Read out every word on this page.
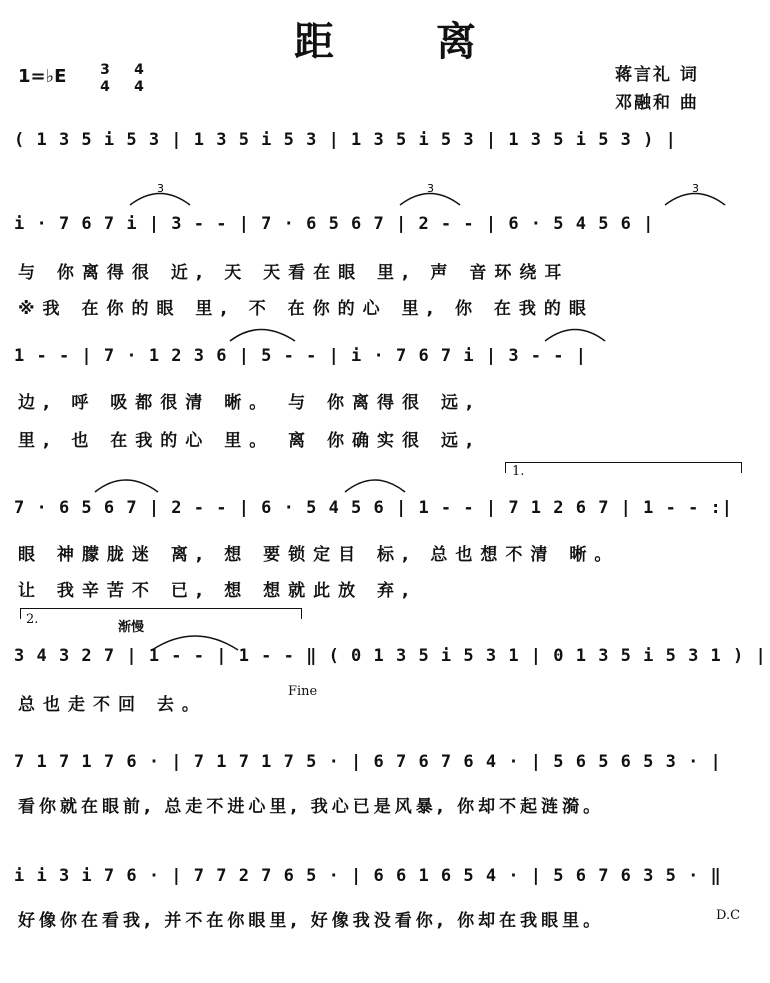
距 离
1=♭E 3
4
4
4
蒋言礼 词
邓融和 曲
( 1 3 5 i 5 3 | 1 3 5 i 5 3 | 1 3 5 i 5 3 | 1 3 5 i 5 3 ) |
3	3	3
i · 7 6 7 i | 3 - - | 7 · 6 5 6 7 | 2 - - | 6 · 5 4 5 6 |
与 你离得很 近, 天 天看在眼 里, 声 音环绕耳
※我 在你的眼 里, 不 在你的心 里, 你 在我的眼
1 - - | 7 · 1 2 3 6 | 5 - - | i · 7 6 7 i | 3 - - |
边, 呼 吸都很清 晰。 与 你离得很 远,
里, 也 在我的心 里。 离 你确实很 远,
1.
7 · 6 5 6 7 | 2 - - | 6 · 5 4 5 6 | 1 - - | 7 1 2 6 7 | 1 - - :|
眼 神朦胧迷 离, 想 要锁定目 标, 总也想不清 晰。
让 我辛苦不 已, 想 想就此放 弃,
2.
渐慢
3 4 3 2 7 | 1 - - | 1 - - ‖ ( 0 1 3 5 i 5 3 1 | 0 1 3 5 i 5 3 1 ) |
Fine
总也走不回 去。
7 1 7 1 7 6 · | 7 1 7 1 7 5 · | 6 7 6 7 6 4 · | 5 6 5 6 5 3 · |
看你就在眼前, 总走不进心里, 我心已是风暴, 你却不起涟漪。
i i 3 i 7 6 · | 7 7 2 7 6 5 · | 6 6 1 6 5 4 · | 5 6 7 6 3 5 · ‖
好像你在看我, 并不在你眼里, 好像我没看你, 你却在我眼里。	D.C
